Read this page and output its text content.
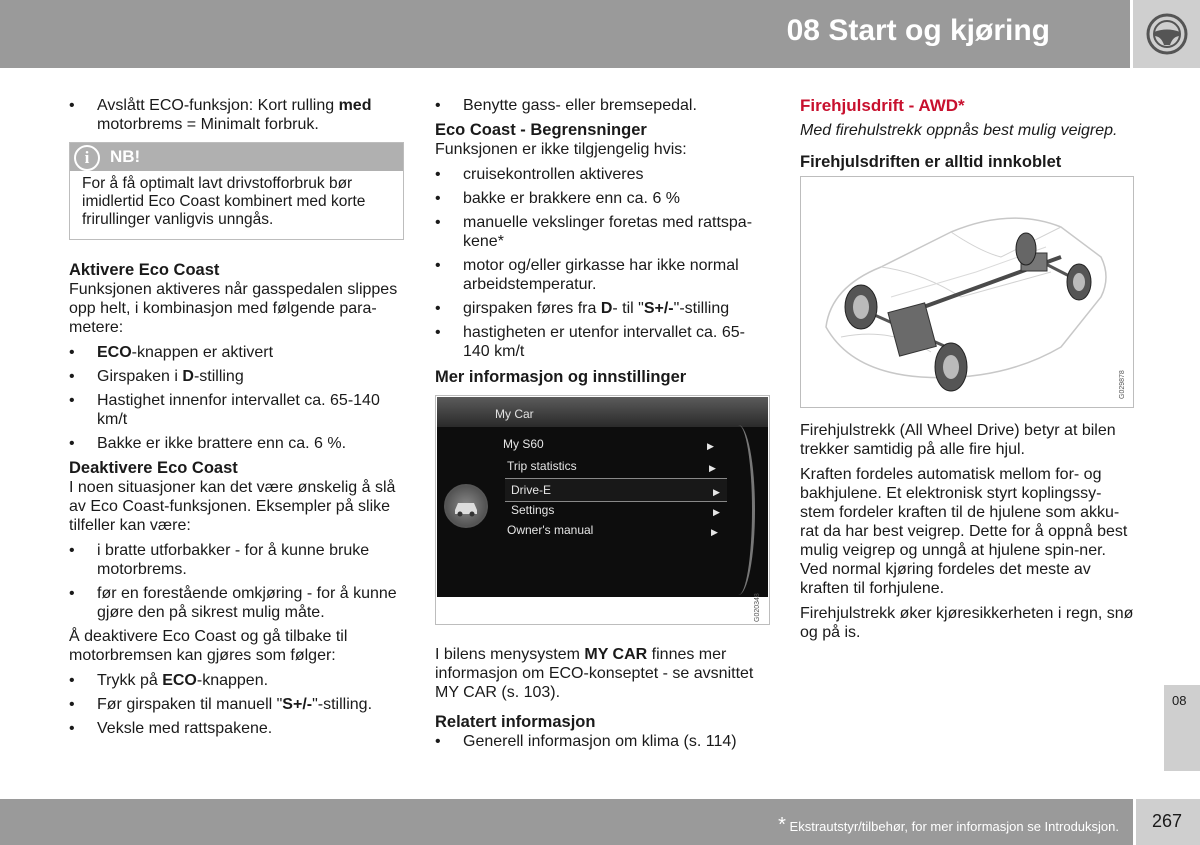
08 Start og kjøring
• Avslått ECO-funksjon: Kort rulling med motorbrems = Minimalt forbruk.
i	NB!
For å få optimalt lavt drivstofforbruk bør imidlertid Eco Coast kombinert med korte frirullinger vanligvis unngås.
Aktivere Eco Coast

Funksjonen aktiveres når gasspedalen slippes opp helt, i kombinasjon med følgende para-metere:

• ECO-knappen er aktivert
• Girspaken i D-stilling
• Hastighet innenfor intervallet ca. 65-140 km/t
• Bakke er ikke brattere enn ca. 6 %.
Deaktivere Eco Coast

I noen situasjoner kan det være ønskelig å slå av Eco Coast-funksjonen. Eksempler på slike tilfeller kan være:

• i bratte utforbakker - for å kunne bruke motorbrems.
• før en forestående omkjøring - for å kunne gjøre den på sikrest mulig måte.

Å deaktivere Eco Coast og gå tilbake til motorbremsen kan gjøres som følger:

• Trykk på ECO-knappen.
• Før girspaken til manuell "S+/-"-stilling.
• Veksle med rattspakene.
• Benytte gass- eller bremsepedal.
Eco Coast - Begrensninger

Funksjonen er ikke tilgjengelig hvis:

• cruisekontrollen aktiveres
• bakke er brakkere enn ca. 6 %
• manuelle vekslinger foretas med rattspa-kene*
• motor og/eller girkasse har ikke normal arbeidstemperatur.
• girspaken føres fra D- til "S+/-"-stilling
• hastigheten er utenfor intervallet ca. 65-140 km/t
Mer informasjon og innstillinger
My Car
My S60	▶
Trip statistics	▶
Drive-E	▶
Settings	▶
Owner's manual	▶
G020348

I bilens menysystem MY CAR finnes mer informasjon om ECO-konseptet - se avsnittet MY CAR (s. 103).

Relatert informasjon
• Generell informasjon om klima (s. 114)
Firehjulsdrift - AWD*

Med firehulstrekk oppnås best mulig veigrep.

Firehjulsdriften er alltid innkoblet
G029878

Firehjulstrekk (All Wheel Drive) betyr at bilen trekker samtidig på alle fire hjul.

Kraften fordeles automatisk mellom for- og bakhjulene. Et elektronisk styrt koplingssy-stem fordeler kraften til de hjulene som akku-rat da har best veigrep. Dette for å oppnå best mulig veigrep og unngå at hjulene spin-ner. Ved normal kjøring fordeles det meste av kraften til forhjulene.

Firehjulstrekk øker kjøresikkerheten i regn, snø og på is.

08
* Ekstrautstyr/tilbehør, for mer informasjon se Introduksjon. 267
